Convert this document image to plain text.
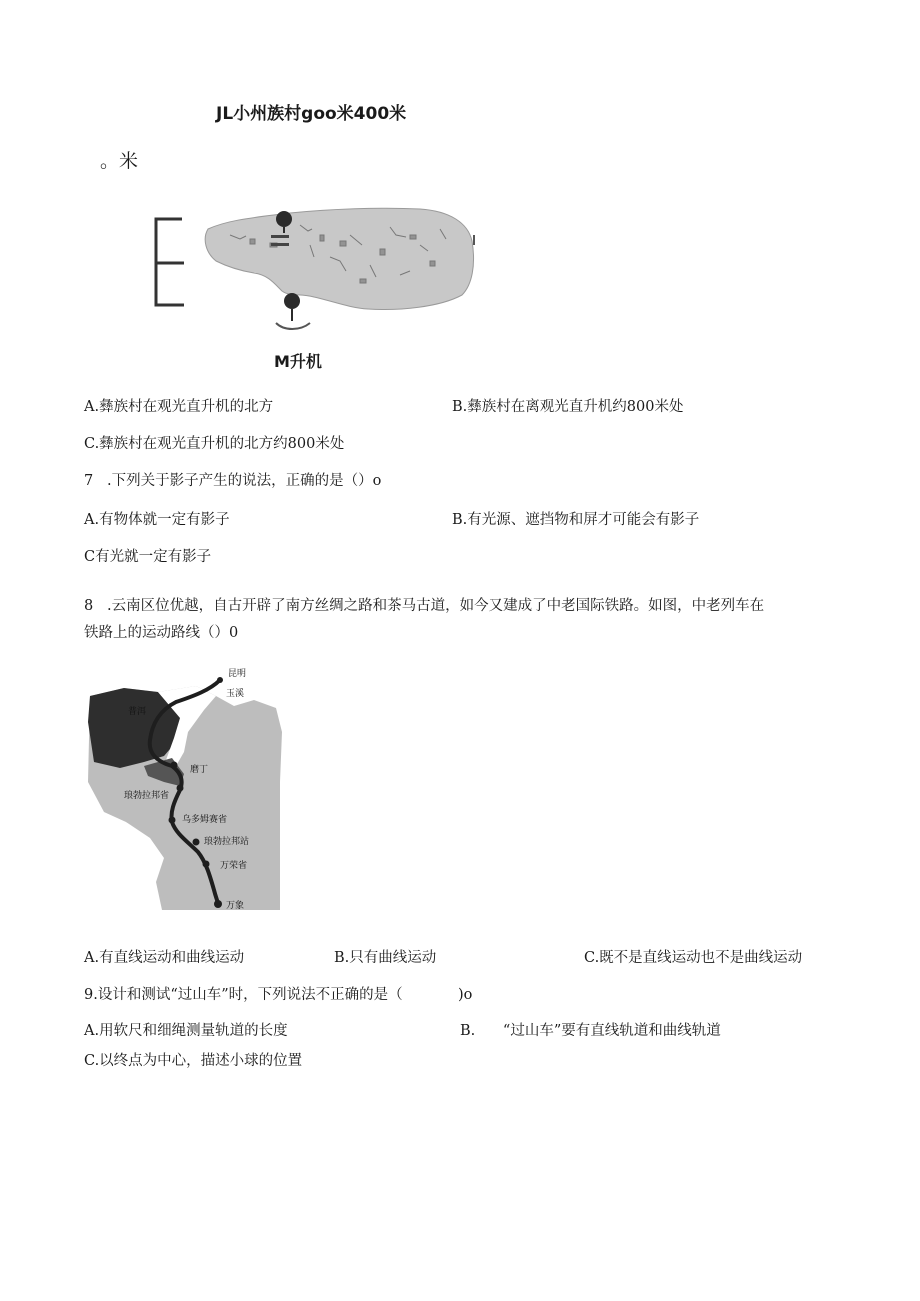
JL小州族村goo米400米
。米
M升机
A.彝族村在观光直升机的北方	B.彝族村在离观光直升机约800米处
C.彝族村在观光直升机的北方约800米处
7   .下列关于影子产生的说法，正确的是（）o
A.有物体就一定有影子	B.有光源、遮挡物和屏才可能会有影子
C有光就一定有影子
8   .云南区位优越，自古开辟了南方丝绸之路和茶马古道，如今又建成了中老国际铁路。如图，中老列车在
铁路上的运动路线（）0
昆明
玉溪
普洱
磨丁
琅勃拉邦省
乌多姆赛省
琅勃拉邦站
万荣省
万象
A.有直线运动和曲线运动	B.只有曲线运动	C.既不是直线运动也不是曲线运动
9.设计和测试“过山车”时，下列说法不正确的是（            )o
A.用软尺和细绳测量轨道的长度	B.      “过山车”要有直线轨道和曲线轨道
C.以终点为中心，描述小球的位置
